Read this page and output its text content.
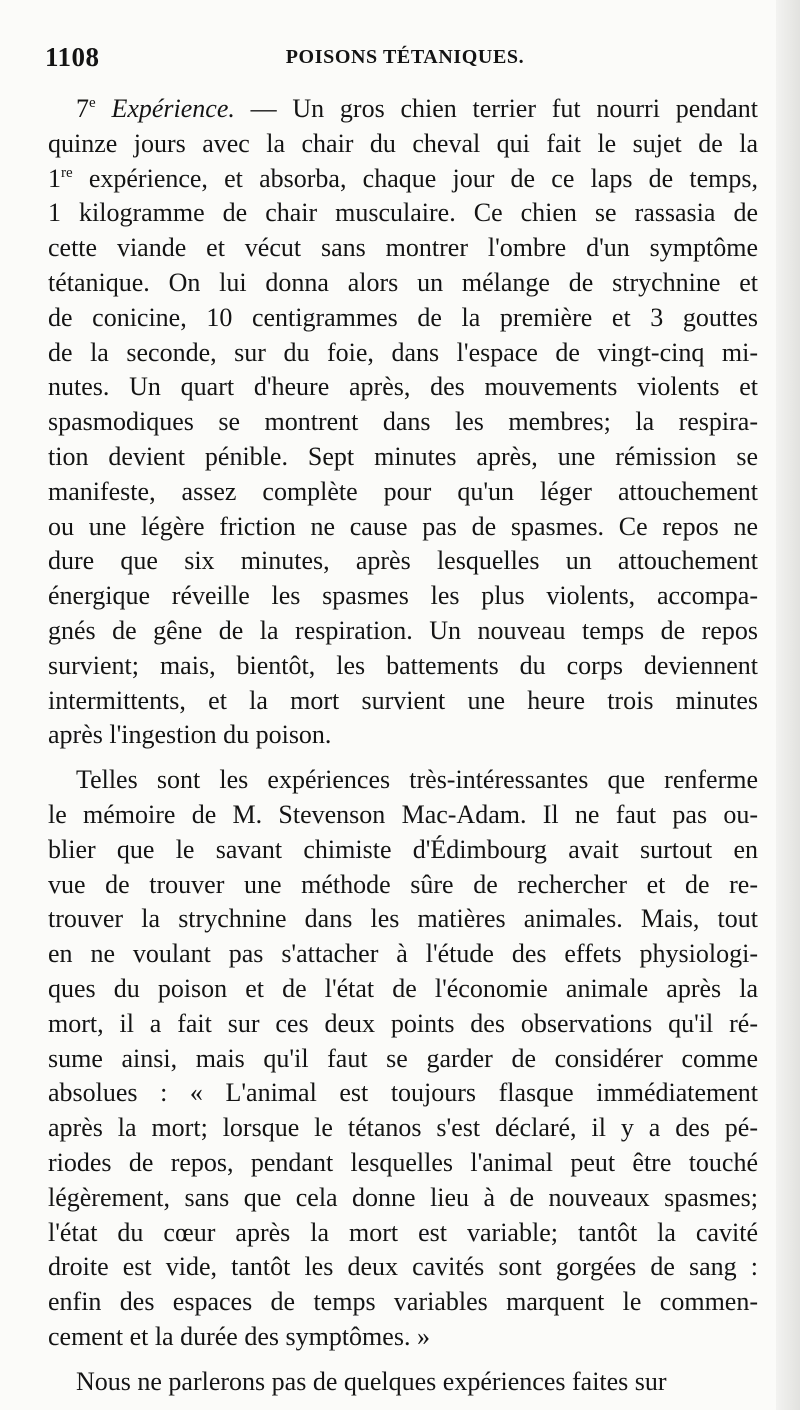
1108	POISONS TÉTANIQUES.
7e Expérience. — Un gros chien terrier fut nourri pendant
quinze jours avec la chair du cheval qui fait le sujet de la
1re expérience, et absorba, chaque jour de ce laps de temps,
1 kilogramme de chair musculaire. Ce chien se rassasia de
cette viande et vécut sans montrer l'ombre d'un symptôme
tétanique. On lui donna alors un mélange de strychnine et
de conicine, 10 centigrammes de la première et 3 gouttes
de la seconde, sur du foie, dans l'espace de vingt-cinq mi-
nutes. Un quart d'heure après, des mouvements violents et
spasmodiques se montrent dans les membres; la respira-
tion devient pénible. Sept minutes après, une rémission se
manifeste, assez complète pour qu'un léger attouchement
ou une légère friction ne cause pas de spasmes. Ce repos ne
dure que six minutes, après lesquelles un attouchement
énergique réveille les spasmes les plus violents, accompa-
gnés de gêne de la respiration. Un nouveau temps de repos
survient; mais, bientôt, les battements du corps deviennent
intermittents, et la mort survient une heure trois minutes
après l'ingestion du poison.
Telles sont les expériences très-intéressantes que renferme
le mémoire de M. Stevenson Mac-Adam. Il ne faut pas ou-
blier que le savant chimiste d'Édimbourg avait surtout en
vue de trouver une méthode sûre de rechercher et de re-
trouver la strychnine dans les matières animales. Mais, tout
en ne voulant pas s'attacher à l'étude des effets physiologi-
ques du poison et de l'état de l'économie animale après la
mort, il a fait sur ces deux points des observations qu'il ré-
sume ainsi, mais qu'il faut se garder de considérer comme
absolues : « L'animal est toujours flasque immédiatement
après la mort; lorsque le tétanos s'est déclaré, il y a des pé-
riodes de repos, pendant lesquelles l'animal peut être touché
légèrement, sans que cela donne lieu à de nouveaux spasmes;
l'état du cœur après la mort est variable; tantôt la cavité
droite est vide, tantôt les deux cavités sont gorgées de sang :
enfin des espaces de temps variables marquent le commen-
cement et la durée des symptômes. »
Nous ne parlerons pas de quelques expériences faites sur
